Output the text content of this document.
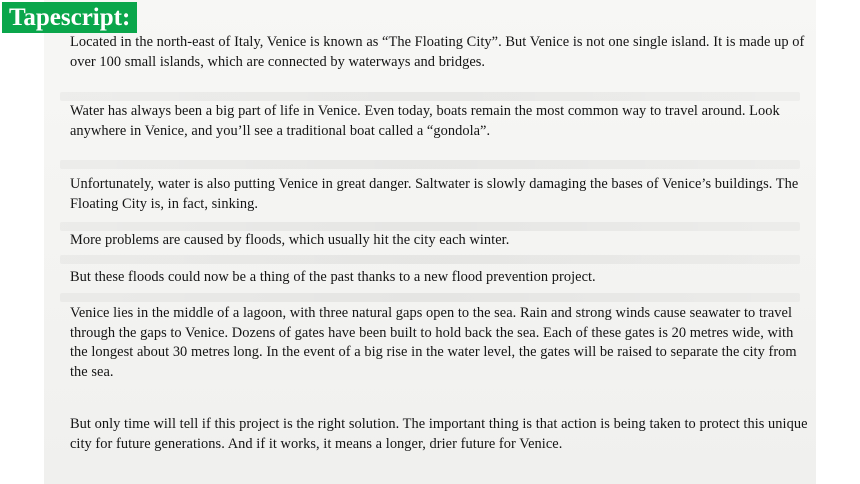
Tapescript:

Located in the north-east of Italy, Venice is known as “The Floating City”. But Venice is not one single island. It is made up of over 100 small islands, which are connected by waterways and bridges.

Water has always been a big part of life in Venice. Even today, boats remain the most common way to travel around. Look anywhere in Venice, and you’ll see a traditional boat called a “gondola”.

Unfortunately, water is also putting Venice in great danger. Saltwater is slowly damaging the bases of Venice’s buildings. The Floating City is, in fact, sinking.

More problems are caused by floods, which usually hit the city each winter.

But these floods could now be a thing of the past thanks to a new flood prevention project.

Venice lies in the middle of a lagoon, with three natural gaps open to the sea. Rain and strong winds cause seawater to travel through the gaps to Venice. Dozens of gates have been built to hold back the sea. Each of these gates is 20 metres wide, with the longest about 30 metres long. In the event of a big rise in the water level, the gates will be raised to separate the city from the sea.

But only time will tell if this project is the right solution. The important thing is that action is being taken to protect this unique city for future generations. And if it works, it means a longer, drier future for Venice.
